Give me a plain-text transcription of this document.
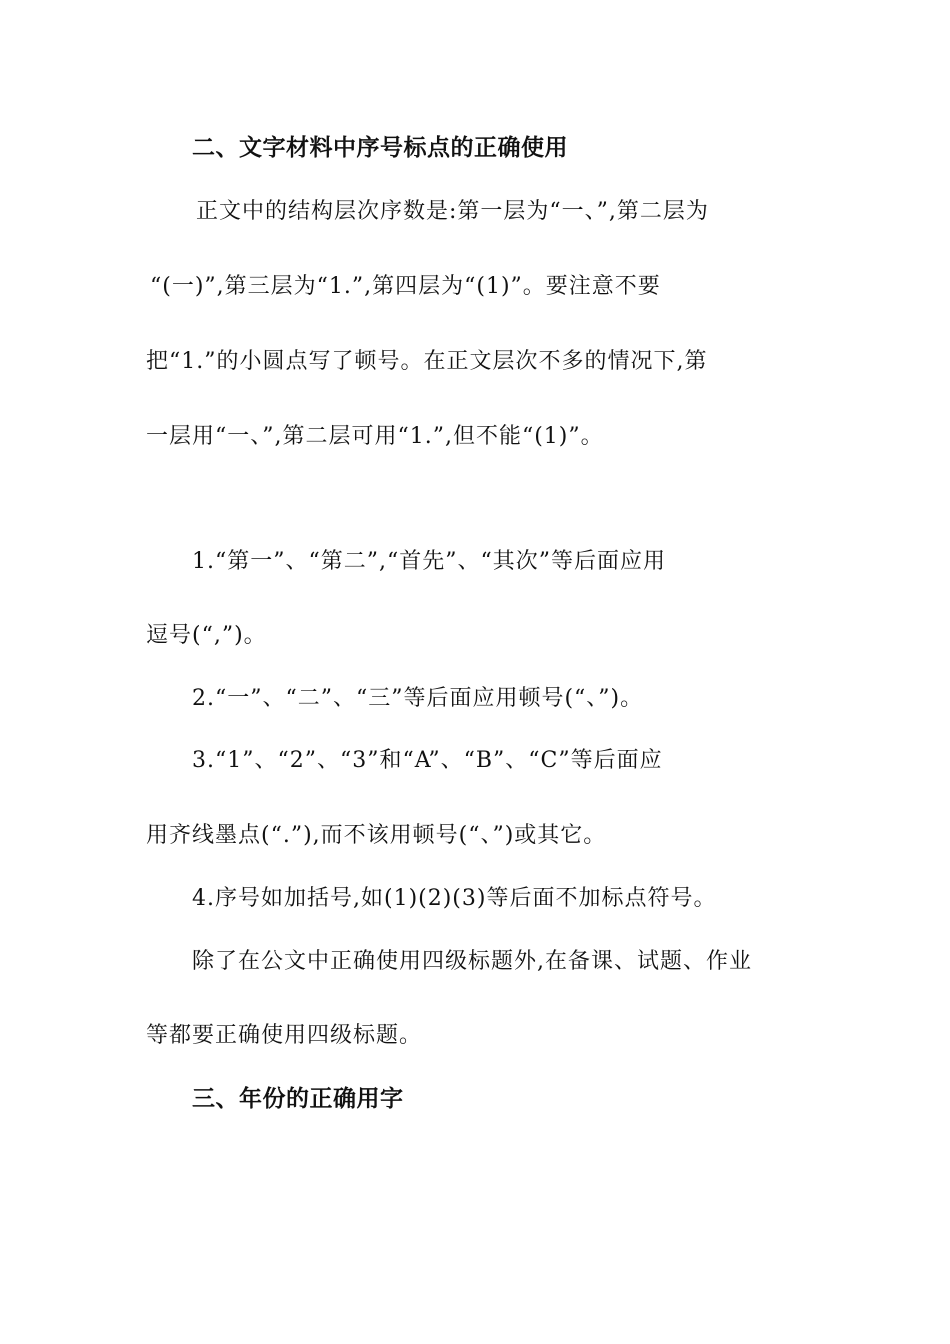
二、文字材料中序号标点的正确使用
正文中的结构层次序数是:第一层为“一、”,第二层为
“(一)”,第三层为“1.”,第四层为“(1)”。要注意不要
把“1.”的小圆点写了顿号。在正文层次不多的情况下,第
一层用“一、”,第二层可用“1.”,但不能“(1)”。
1.“第一”、“第二”,“首先”、“其次”等后面应用
逗号(“,”)。
2.“一”、“二”、“三”等后面应用顿号(“、”)。
3.“1”、“2”、“3”和“A”、“B”、“C”等后面应
用齐线墨点(“.”),而不该用顿号(“、”)或其它。
4.序号如加括号,如(1)(2)(3)等后面不加标点符号。
除了在公文中正确使用四级标题外,在备课、试题、作业
等都要正确使用四级标题。
三、年份的正确用字
